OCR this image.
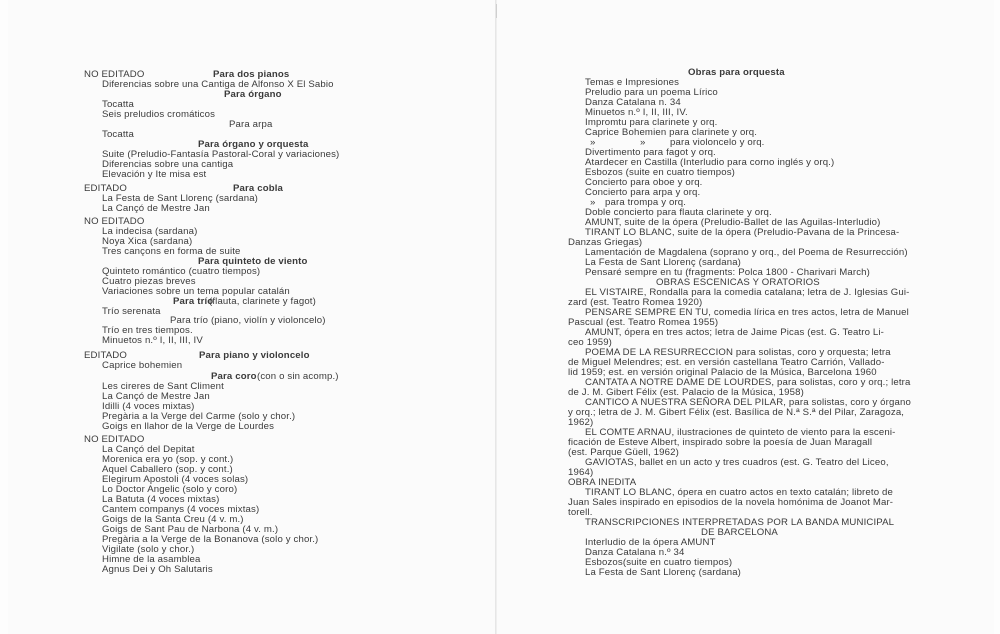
NO EDITADO	Para dos pianos
Diferencias sobre una Cantiga de Alfonso X El Sabio
Para órgano
Tocatta
Seis preludios cromáticos
Para arpa
Tocatta
Para órgano y orquesta
Suite (Preludio-Fantasía Pastoral-Coral y variaciones)
Diferencias sobre una cantiga
Elevación y Ite misa est
EDITADO	Para cobla
La Festa de Sant Llorenç (sardana)
La Cançó de Mestre Jan
NO EDITADO
La indecisa (sardana)
Noya Xica (sardana)
Tres cançons en forma de suite
Para quinteto de viento
Quinteto romántico (cuatro tiempos)
Cuatro piezas breves
Variaciones sobre un tema popular catalán
Para trío
(flauta, clarinete y fagot)
Trío serenata
Para trío (piano, violín y violoncelo)
Trío en tres tiempos.
Minuetos n.º I, II, III, IV
EDITADO	Para piano y violoncelo
Caprice bohemien
Para coro (con o sin acomp.)
Les cireres de Sant Climent
La Cançó de Mestre Jan
Idilli (4 voces mixtas)
Pregària a la Verge del Carme (solo y chor.)
Goigs en llahor de la Verge de Lourdes
NO EDITADO
La Cançó del Depitat
Morenica era yo (sop. y cont.)
Aquel Caballero (sop. y cont.)
Elegirum Apostoli (4 voces solas)
Lo Doctor Angelic (solo y coro)
La Batuta (4 voces mixtas)
Cantem companys (4 voces mixtas)
Goigs de la Santa Creu (4 v. m.)
Goigs de Sant Pau de Narbona (4 v. m.)
Pregària a la Verge de la Bonanova (solo y chor.)
Vigilate (solo y chor.)
Himne de la asamblea
Agnus Dei y Oh Salutaris
Obras para orquesta
Temas e Impresiones
Preludio para un poema Lírico
Danza Catalana n. 34
Minuetos n.º I, II, III, IV.
Impromtu para clarinete y orq.
Caprice Bohemien para clarinete y orq.
»	»	para violoncelo y orq.
Divertimento para fagot y orq.
Atardecer en Castilla (Interludio para corno inglés y orq.)
Esbozos (suite en cuatro tiempos)
Concierto para oboe y orq.
Concierto para arpa y orq.
» para trompa y orq.
Doble concierto para flauta clarinete y orq.
AMUNT, suite de la ópera (Preludio-Ballet de las Aguilas-Interludio)
TIRANT LO BLANC, suite de la ópera (Preludio-Pavana de la Princesa-
Danzas Griegas)
Lamentación de Magdalena (soprano y orq., del Poema de Resurrección)
La Festa de Sant Llorenç (sardana)
Pensaré sempre en tu (fragments: Polca 1800 - Charivari March)
OBRAS ESCENICAS Y ORATORIOS
EL VISTAIRE, Rondalla para la comedia catalana; letra de J. Iglesias Gui-
zard (est. Teatro Romea 1920)
PENSARE SEMPRE EN TU, comedia lírica en tres actos, letra de Manuel
Pascual (est. Teatro Romea 1955)
AMUNT, ópera en tres actos; letra de Jaime Picas (est. G. Teatro Li-
ceo 1959)
POEMA DE LA RESURRECCION para solistas, coro y orquesta; letra
de Miguel Melendres; est. en versión castellana Teatro Carrión, Vallado-
lid 1959; est. en versión original Palacio de la Música, Barcelona 1960
CANTATA A NOTRE DAME DE LOURDES, para solistas, coro y orq.; letra
de J. M. Gibert Félix (est. Palacio de la Música, 1958)
CANTICO A NUESTRA SEÑORA DEL PILAR, para solistas, coro y órgano
y orq.; letra de J. M. Gibert Félix (est. Basílica de N.ª S.ª del Pilar, Zaragoza,
1962)
EL COMTE ARNAU, ilustraciones de quinteto de viento para la esceni-
ficación de Esteve Albert, inspirado sobre la poesía de Juan Maragall
(est. Parque Güell, 1962)
GAVIOTAS, ballet en un acto y tres cuadros (est. G. Teatro del Liceo,
1964)
OBRA INEDITA
TIRANT LO BLANC, ópera en cuatro actos en texto catalán; libreto de
Juan Sales inspirado en episodios de la novela homónima de Joanot Mar-
torell.
TRANSCRIPCIONES INTERPRETADAS POR LA BANDA MUNICIPAL
DE BARCELONA
Interludio de la ópera AMUNT
Danza Catalana n.º 34
Esbozos(suite en cuatro tiempos)
La Festa de Sant Llorenç (sardana)
